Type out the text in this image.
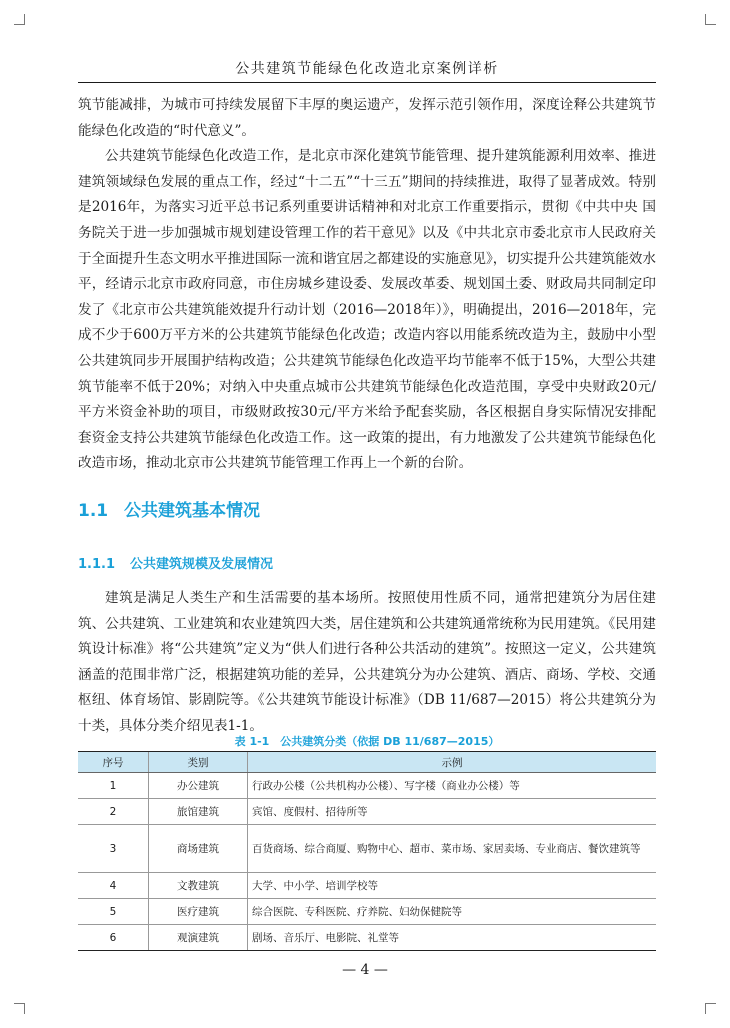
公共建筑节能绿色化改造北京案例详析

筑节能减排，为城市可持续发展留下丰厚的奥运遗产，发挥示范引领作用，深度诠释公共建筑节能绿色化改造的“时代意义”。

公共建筑节能绿色化改造工作，是北京市深化建筑节能管理、提升建筑能源利用效率、推进建筑领域绿色发展的重点工作，经过“十二五”“十三五”期间的持续推进，取得了显著成效。特别是2016年，为落实习近平总书记系列重要讲话精神和对北京工作重要指示，贯彻《中共中央 国务院关于进一步加强城市规划建设管理工作的若干意见》以及《中共北京市委北京市人民政府关于全面提升生态文明水平推进国际一流和谐宜居之都建设的实施意见》，切实提升公共建筑能效水平，经请示北京市政府同意，市住房城乡建设委、发展改革委、规划国土委、财政局共同制定印发了《北京市公共建筑能效提升行动计划（2016—2018年）》，明确提出，2016—2018年，完成不少于600万平方米的公共建筑节能绿色化改造；改造内容以用能系统改造为主，鼓励中小型公共建筑同步开展围护结构改造；公共建筑节能绿色化改造平均节能率不低于15%，大型公共建筑节能率不低于20%；对纳入中央重点城市公共建筑节能绿色化改造范围，享受中央财政20元/平方米资金补助的项目，市级财政按30元/平方米给予配套奖励，各区根据自身实际情况安排配套资金支持公共建筑节能绿色化改造工作。这一政策的提出，有力地激发了公共建筑节能绿色化改造市场，推动北京市公共建筑节能管理工作再上一个新的台阶。

1.1 公共建筑基本情况
1.1.1 公共建筑规模及发展情况

建筑是满足人类生产和生活需要的基本场所。按照使用性质不同，通常把建筑分为居住建筑、公共建筑、工业建筑和农业建筑四大类，居住建筑和公共建筑通常统称为民用建筑。《民用建筑设计标准》将“公共建筑”定义为“供人们进行各种公共活动的建筑”。按照这一定义，公共建筑涵盖的范围非常广泛，根据建筑功能的差异，公共建筑分为办公建筑、酒店、商场、学校、交通枢纽、体育场馆、影剧院等。《公共建筑节能设计标准》（DB 11/687—2015）将公共建筑分为十类，具体分类介绍见表1-1。

表 1-1　公共建筑分类（依据 DB 11/687—2015）
序号	类别	示例
1	办公建筑	行政办公楼（公共机构办公楼）、写字楼（商业办公楼）等
2	旅馆建筑	宾馆、度假村、招待所等
3	商场建筑	百货商场、综合商厦、购物中心、超市、菜市场、家居卖场、专业商店、餐饮建筑等
4	文教建筑	大学、中小学、培训学校等
5	医疗建筑	综合医院、专科医院、疗养院、妇幼保健院等
6	观演建筑	剧场、音乐厅、电影院、礼堂等
— 4 —
